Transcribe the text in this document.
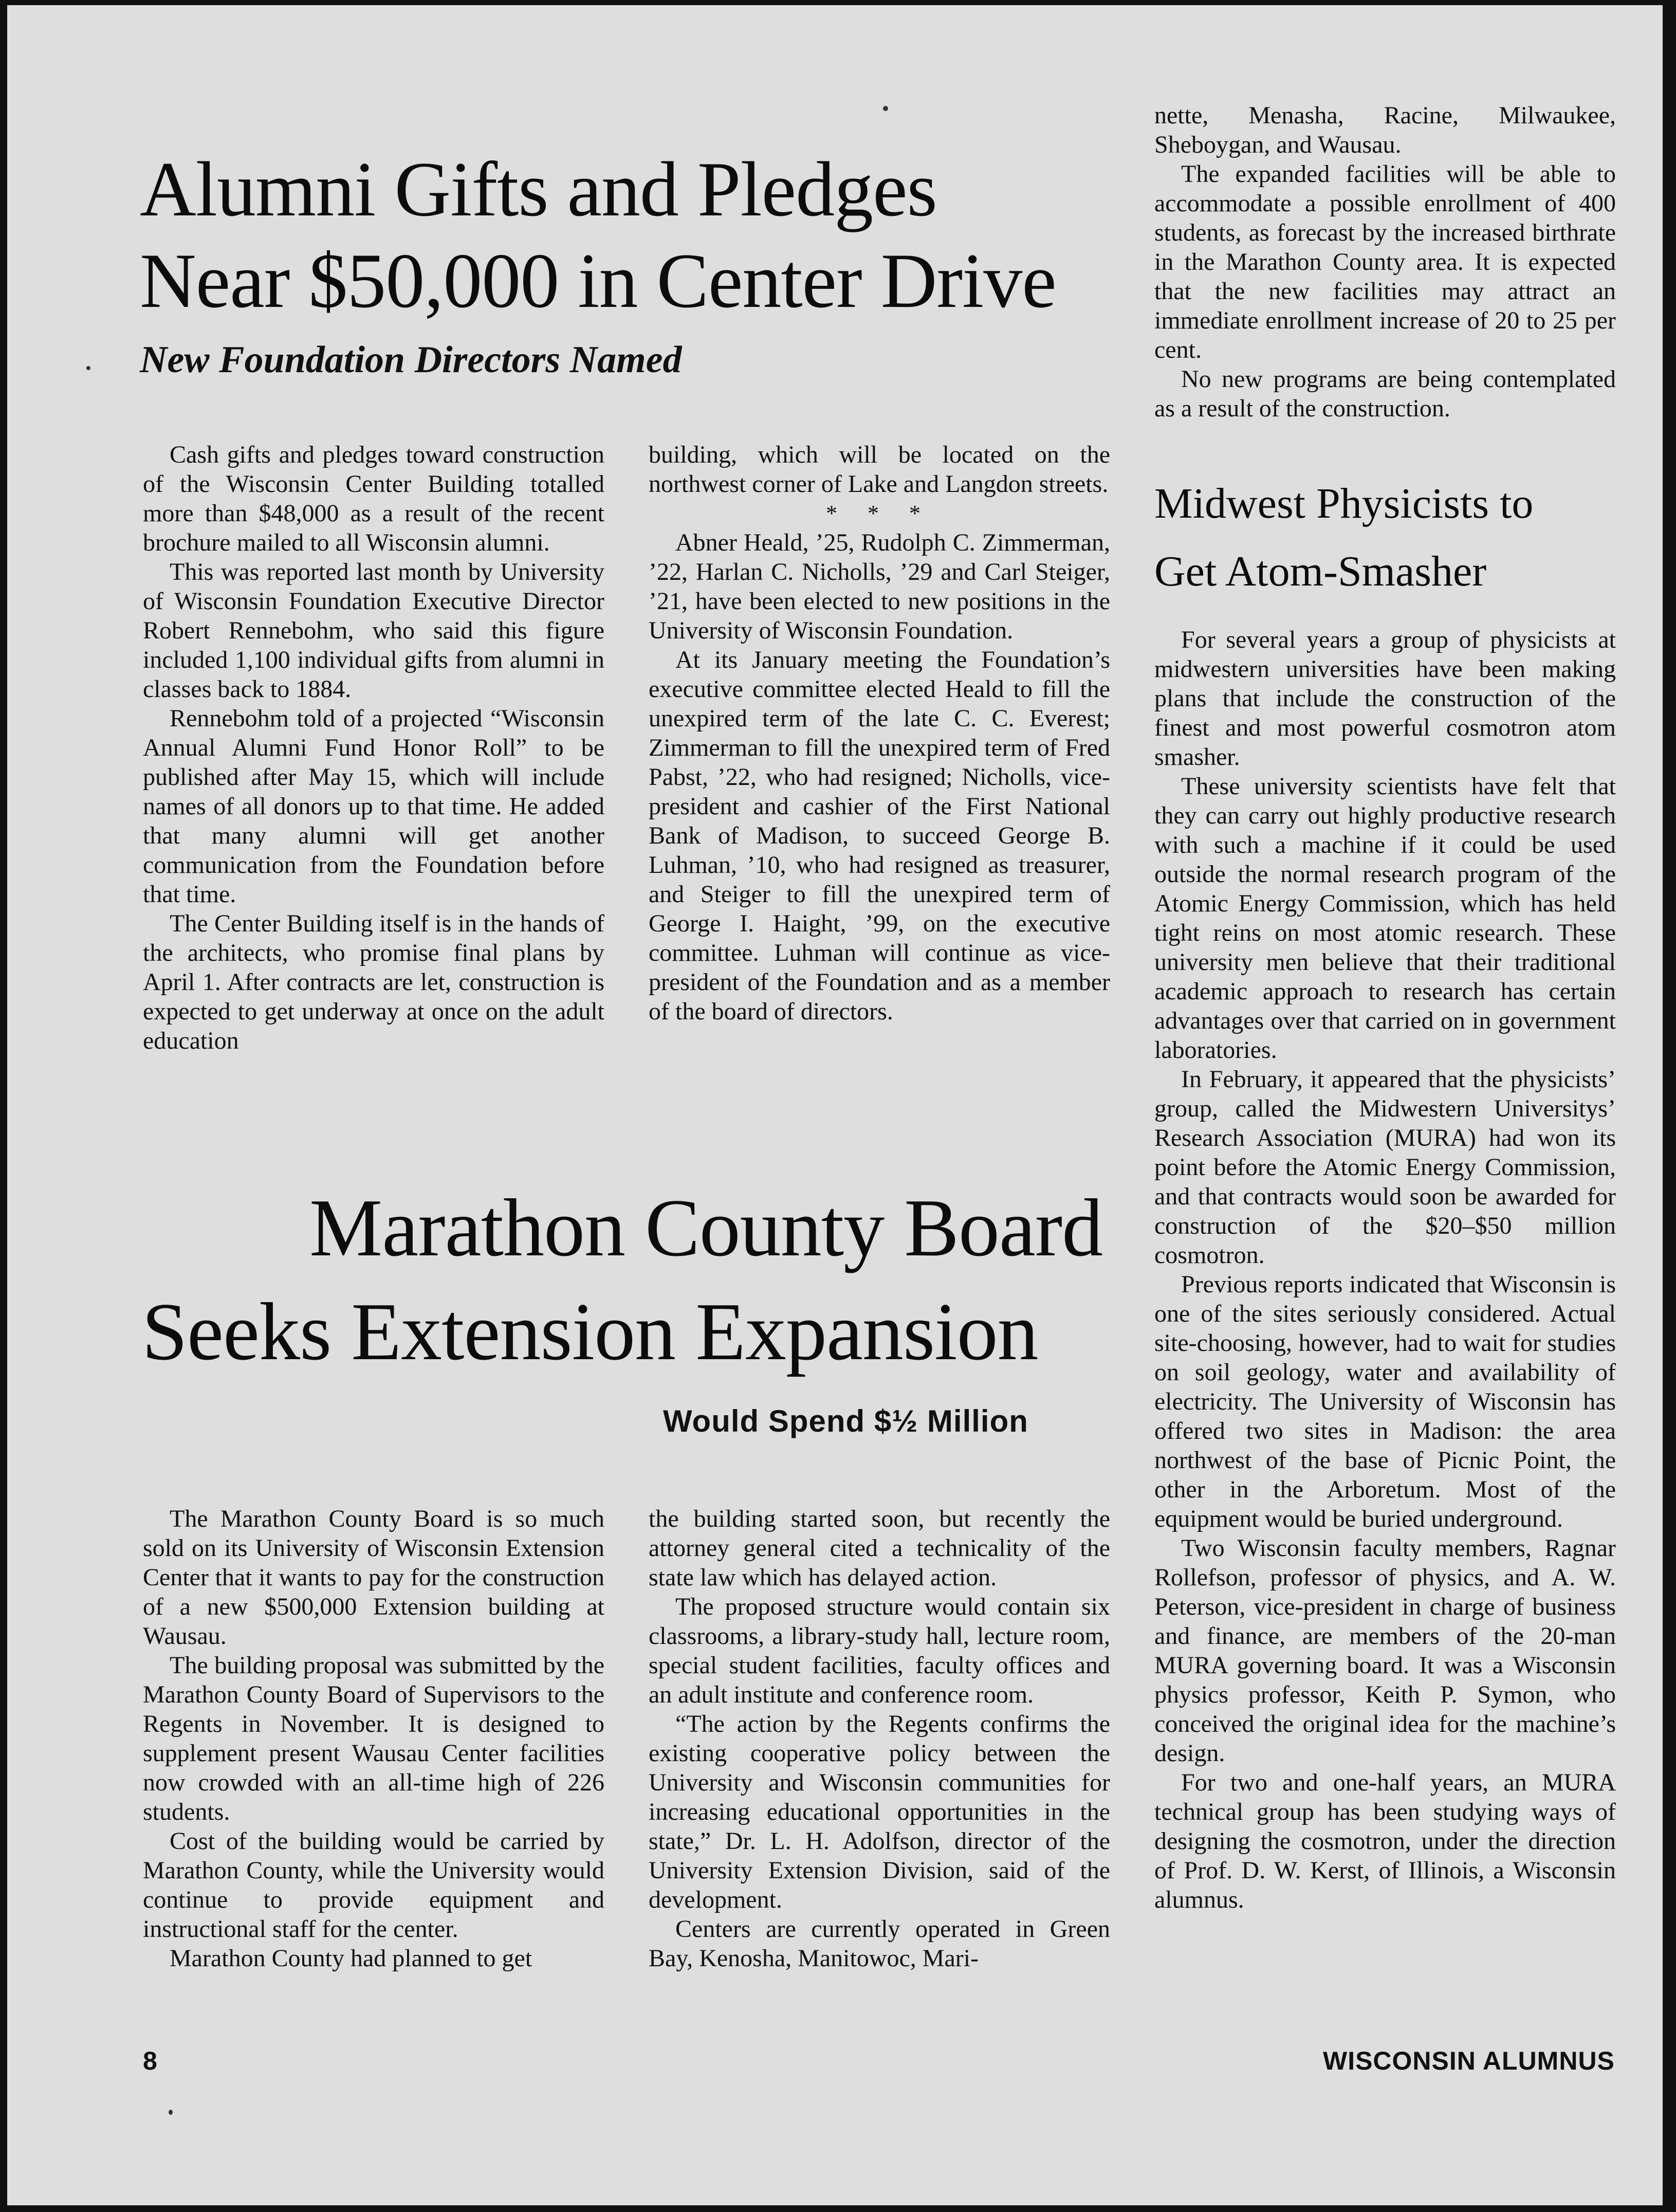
Alumni Gifts and Pledges
Near $50,000 in Center Drive

New Foundation Directors Named

Cash gifts and pledges toward construction of the Wisconsin Center Building totalled more than $48,000 as a result of the recent brochure mailed to all Wisconsin alumni.

This was reported last month by University of Wisconsin Foundation Executive Director Robert Rennebohm, who said this figure included 1,100 individual gifts from alumni in classes back to 1884.

Rennebohm told of a projected “Wisconsin Annual Alumni Fund Honor Roll” to be published after May 15, which will include names of all donors up to that time. He added that many alumni will get another communication from the Foundation before that time.

The Center Building itself is in the hands of the architects, who promise final plans by April 1. After contracts are let, construction is expected to get underway at once on the adult education

building, which will be located on the northwest corner of Lake and Langdon streets.

* * *

Abner Heald, ’25, Rudolph C. Zimmerman, ’22, Harlan C. Nicholls, ’29 and Carl Steiger, ’21, have been elected to new positions in the University of Wisconsin Foundation.

At its January meeting the Foundation’s executive committee elected Heald to fill the unexpired term of the late C. C. Everest; Zimmerman to fill the unexpired term of Fred Pabst, ’22, who had resigned; Nicholls, vice-president and cashier of the First National Bank of Madison, to succeed George B. Luhman, ’10, who had resigned as treasurer, and Steiger to fill the unexpired term of George I. Haight, ’99, on the executive committee. Luhman will continue as vice-president of the Foundation and as a member of the board of directors.

Marathon County Board
Seeks Extension Expansion
Would Spend $½ Million

The Marathon County Board is so much sold on its University of Wisconsin Extension Center that it wants to pay for the construction of a new $500,000 Extension building at Wausau.

The building proposal was submitted by the Marathon County Board of Supervisors to the Regents in November. It is designed to supplement present Wausau Center facilities now crowded with an all-time high of 226 students.

Cost of the building would be carried by Marathon County, while the University would continue to provide equipment and instructional staff for the center.

Marathon County had planned to get

the building started soon, but recently the attorney general cited a technicality of the state law which has delayed action.

The proposed structure would contain six classrooms, a library-study hall, lecture room, special student facilities, faculty offices and an adult institute and conference room.

“The action by the Regents confirms the existing cooperative policy between the University and Wisconsin communities for increasing educational opportunities in the state,” Dr. L. H. Adolfson, director of the University Extension Division, said of the development.

Centers are currently operated in Green Bay, Kenosha, Manitowoc, Mari-

nette, Menasha, Racine, Milwaukee, Sheboygan, and Wausau.

The expanded facilities will be able to accommodate a possible enrollment of 400 students, as forecast by the increased birthrate in the Marathon County area. It is expected that the new facilities may attract an immediate enrollment increase of 20 to 25 per cent.

No new programs are being contemplated as a result of the construction.

Midwest Physicists to
Get Atom-Smasher

For several years a group of physicists at midwestern universities have been making plans that include the construction of the finest and most powerful cosmotron atom smasher.

These university scientists have felt that they can carry out highly productive research with such a machine if it could be used outside the normal research program of the Atomic Energy Commission, which has held tight reins on most atomic research. These university men believe that their traditional academic approach to research has certain advantages over that carried on in government laboratories.

In February, it appeared that the physicists’ group, called the Midwestern Universitys’ Research Association (MURA) had won its point before the Atomic Energy Commission, and that contracts would soon be awarded for construction of the $20–$50 million cosmotron.

Previous reports indicated that Wisconsin is one of the sites seriously considered. Actual site-choosing, however, had to wait for studies on soil geology, water and availability of electricity. The University of Wisconsin has offered two sites in Madison: the area northwest of the base of Picnic Point, the other in the Arboretum. Most of the equipment would be buried underground.

Two Wisconsin faculty members, Ragnar Rollefson, professor of physics, and A. W. Peterson, vice-president in charge of business and finance, are members of the 20-man MURA governing board. It was a Wisconsin physics professor, Keith P. Symon, who conceived the original idea for the machine’s design.

For two and one-half years, an MURA technical group has been studying ways of designing the cosmotron, under the direction of Prof. D. W. Kerst, of Illinois, a Wisconsin alumnus.

8	WISCONSIN ALUMNUS
